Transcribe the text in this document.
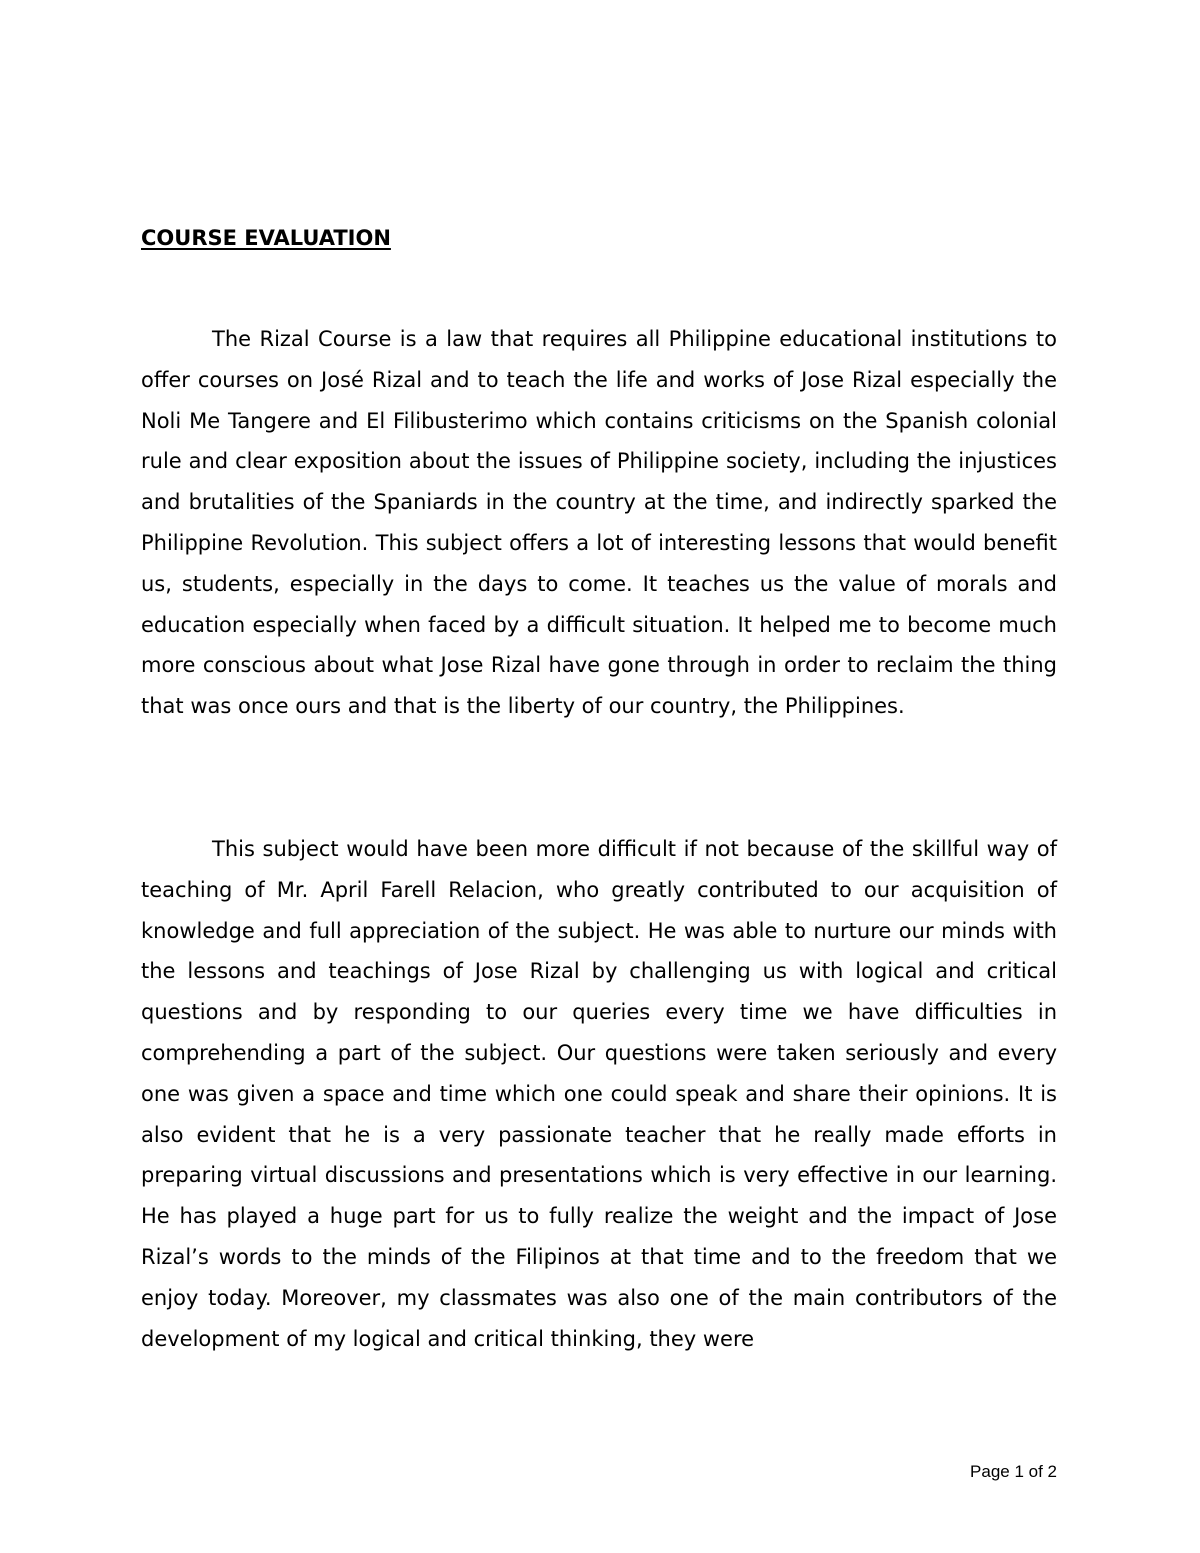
COURSE EVALUATION

The Rizal Course is a law that requires all Philippine educational institutions to offer courses on José Rizal and to teach the life and works of Jose Rizal especially the Noli Me Tangere and El Filibusterimo which contains criticisms on the Spanish colonial rule and clear exposition about the issues of Philippine society, including the injustices and brutalities of the Spaniards in the country at the time, and indirectly sparked the Philippine Revolution. This subject offers a lot of interesting lessons that would benefit us, students, especially in the days to come. It teaches us the value of morals and education especially when faced by a difficult situation. It helped me to become much more conscious about what Jose Rizal have gone through in order to reclaim the thing that was once ours and that is the liberty of our country, the Philippines.

This subject would have been more difficult if not because of the skillful way of teaching of Mr. April Farell Relacion, who greatly contributed to our acquisition of knowledge and full appreciation of the subject. He was able to nurture our minds with the lessons and teachings of Jose Rizal by challenging us with logical and critical questions and by responding to our queries every time we have difficulties in comprehending a part of the subject. Our questions were taken seriously and every one was given a space and time which one could speak and share their opinions. It is also evident that he is a very passionate teacher that he really made efforts in preparing virtual discussions and presentations which is very effective in our learning. He has played a huge part for us to fully realize the weight and the impact of Jose Rizal’s words to the minds of the Filipinos at that time and to the freedom that we enjoy today. Moreover, my classmates was also one of the main contributors of the development of my logical and critical thinking, they were

Page 1 of 2
